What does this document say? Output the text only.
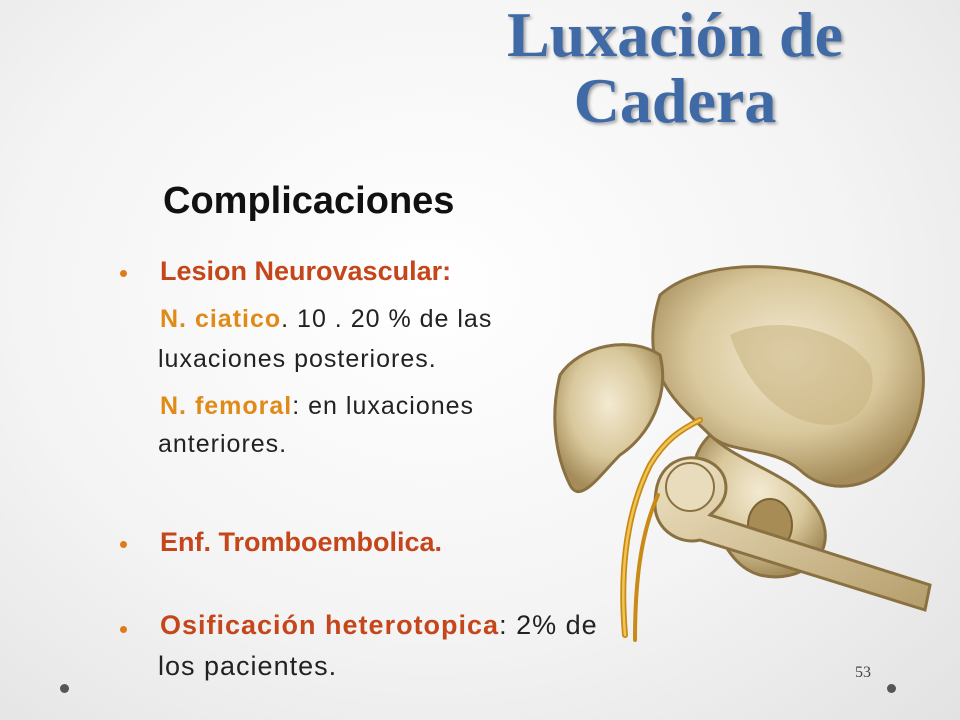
Luxación de
Cadera
Complicaciones
Lesion Neurovascular:
N. ciatico. 10 . 20 % de las
luxaciones posteriores.
N. femoral: en luxaciones
anteriores.
Enf. Tromboembolica.
Osificación heterotopica: 2% de
los pacientes.	53
